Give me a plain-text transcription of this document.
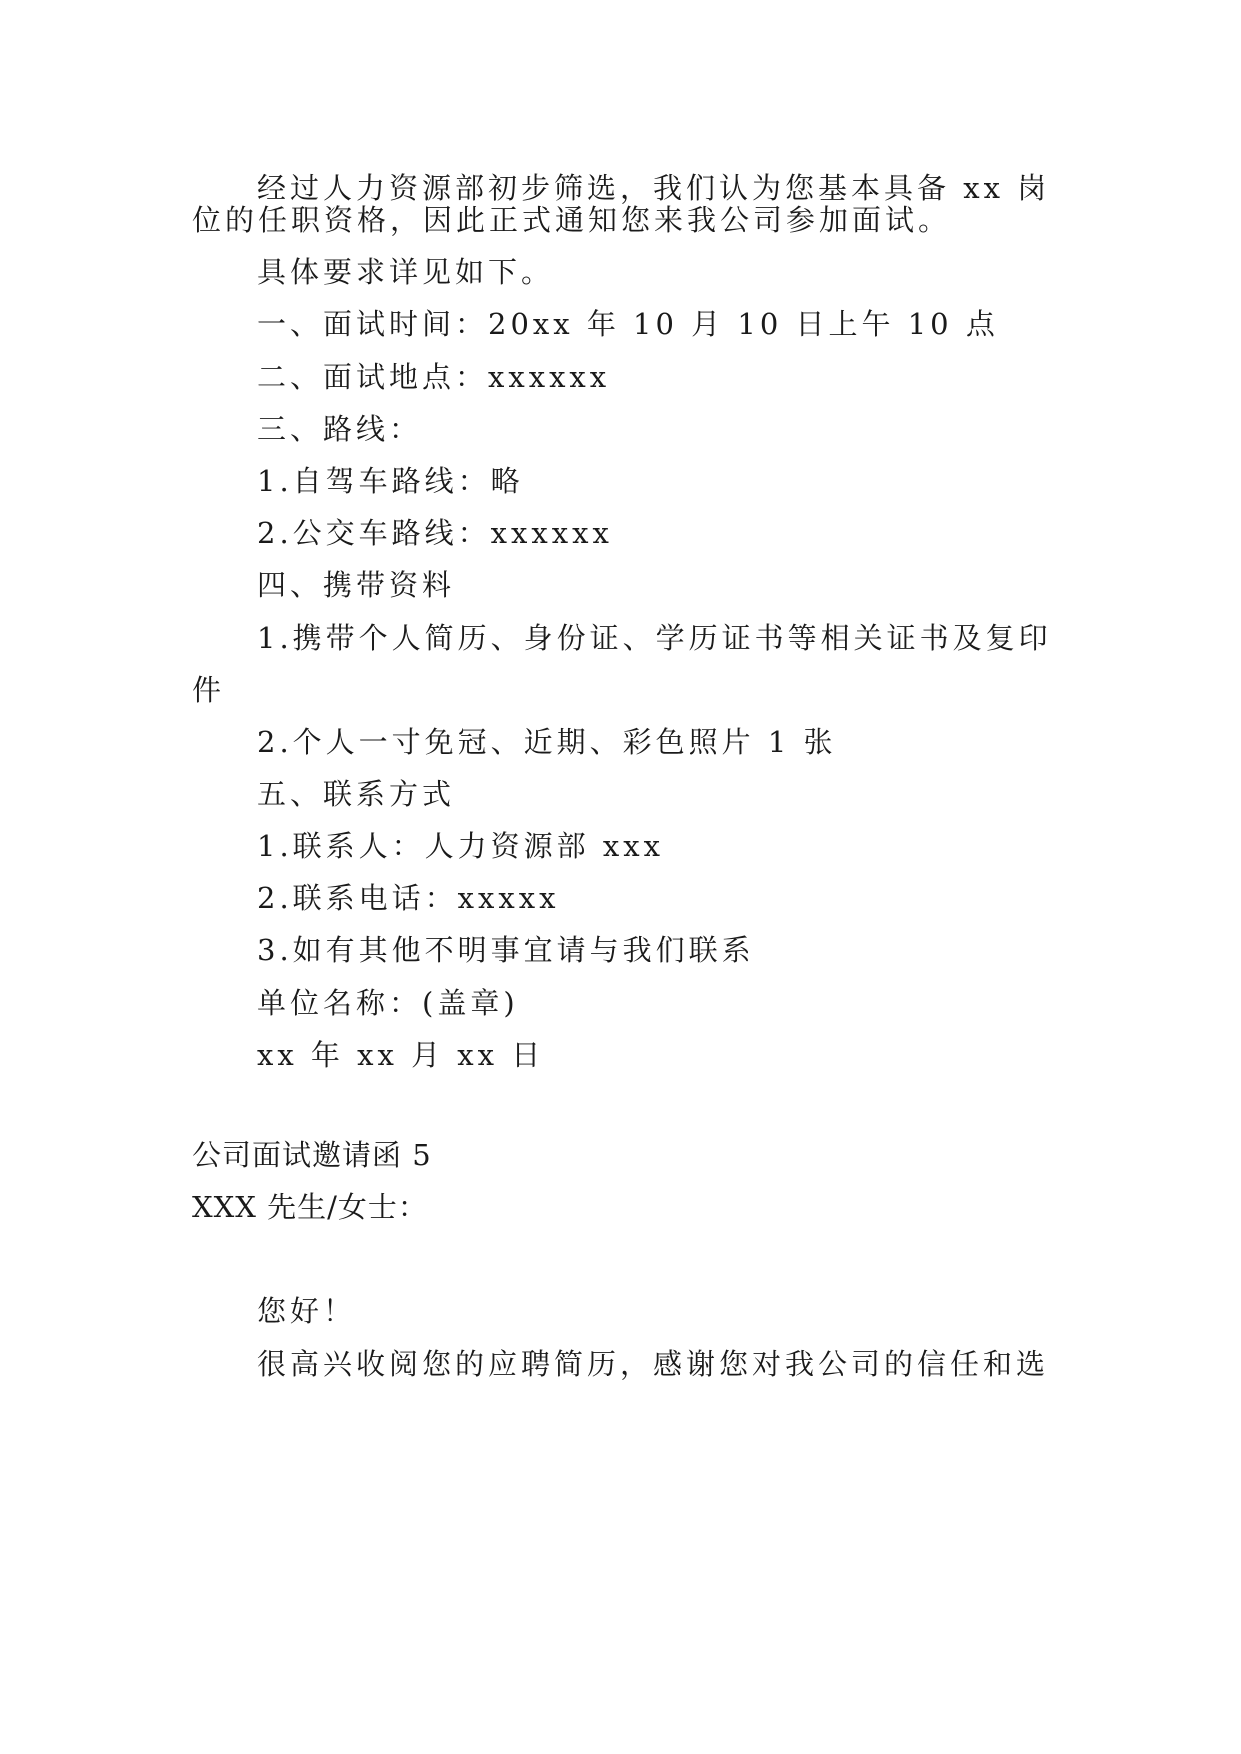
经过人力资源部初步筛选，我们认为您基本具备 xx 岗
位的任职资格，因此正式通知您来我公司参加面试。
具体要求详见如下。
一、面试时间：20xx 年 10 月 10 日上午 10 点
二、面试地点：xxxxxx
三、路线：
1.自驾车路线：略
2.公交车路线：xxxxxx
四、携带资料
1.携带个人简历、身份证、学历证书等相关证书及复印
件
2.个人一寸免冠、近期、彩色照片 1 张
五、联系方式
1.联系人：人力资源部 xxx
2.联系电话：xxxxx
3.如有其他不明事宜请与我们联系
单位名称：(盖章)
xx 年 xx 月 xx 日
公司面试邀请函 5
XXX 先生/女士：
您好！
很高兴收阅您的应聘简历，感谢您对我公司的信任和选
